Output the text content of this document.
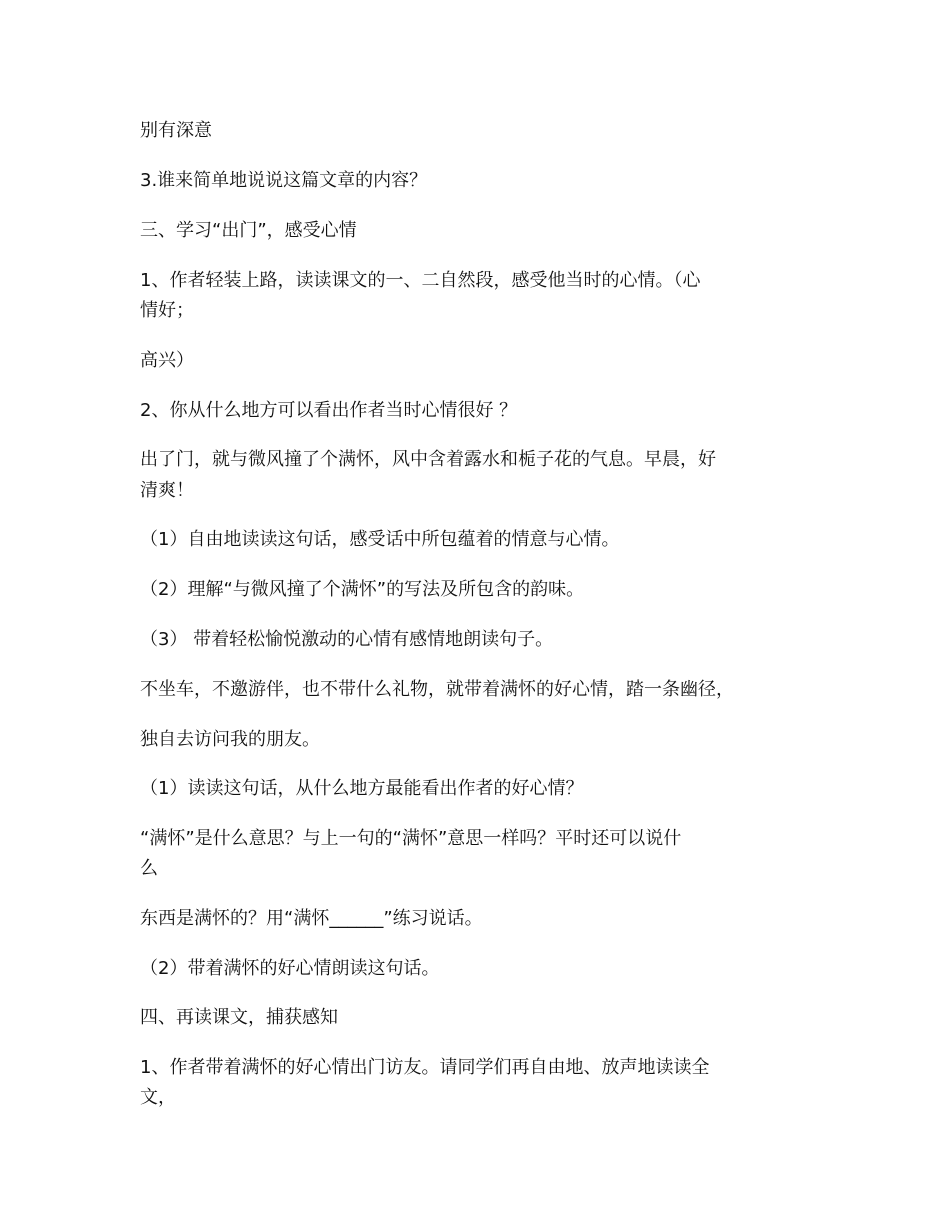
别有深意

3.谁来简单地说说这篇文章的内容？

三、学习“出门”，感受心情

1、作者轻装上路，读读课文的一、二自然段，感受他当时的心情。（心

情好；

高兴）

2、你从什么地方可以看出作者当时心情很好 ？

出了门，就与微风撞了个满怀，风中含着露水和栀子花的气息。早晨，好

清爽！

（1）自由地读读这句话，感受话中所包蕴着的情意与心情。

（2）理解“与微风撞了个满怀”的写法及所包含的韵味。

（3） 带着轻松愉悦激动的心情有感情地朗读句子。

不坐车，不邀游伴，也不带什么礼物，就带着满怀的好心情，踏一条幽径，

独自去访问我的朋友。

（1）读读这句话，从什么地方最能看出作者的好心情？

“满怀”是什么意思？与上一句的“满怀”意思一样吗？平时还可以说什

么

东西是满怀的？用“满怀______”练习说话。

（2）带着满怀的好心情朗读这句话。

四、再读课文，捕获感知

1、作者带着满怀的好心情出门访友。请同学们再自由地、放声地读读全

文，
